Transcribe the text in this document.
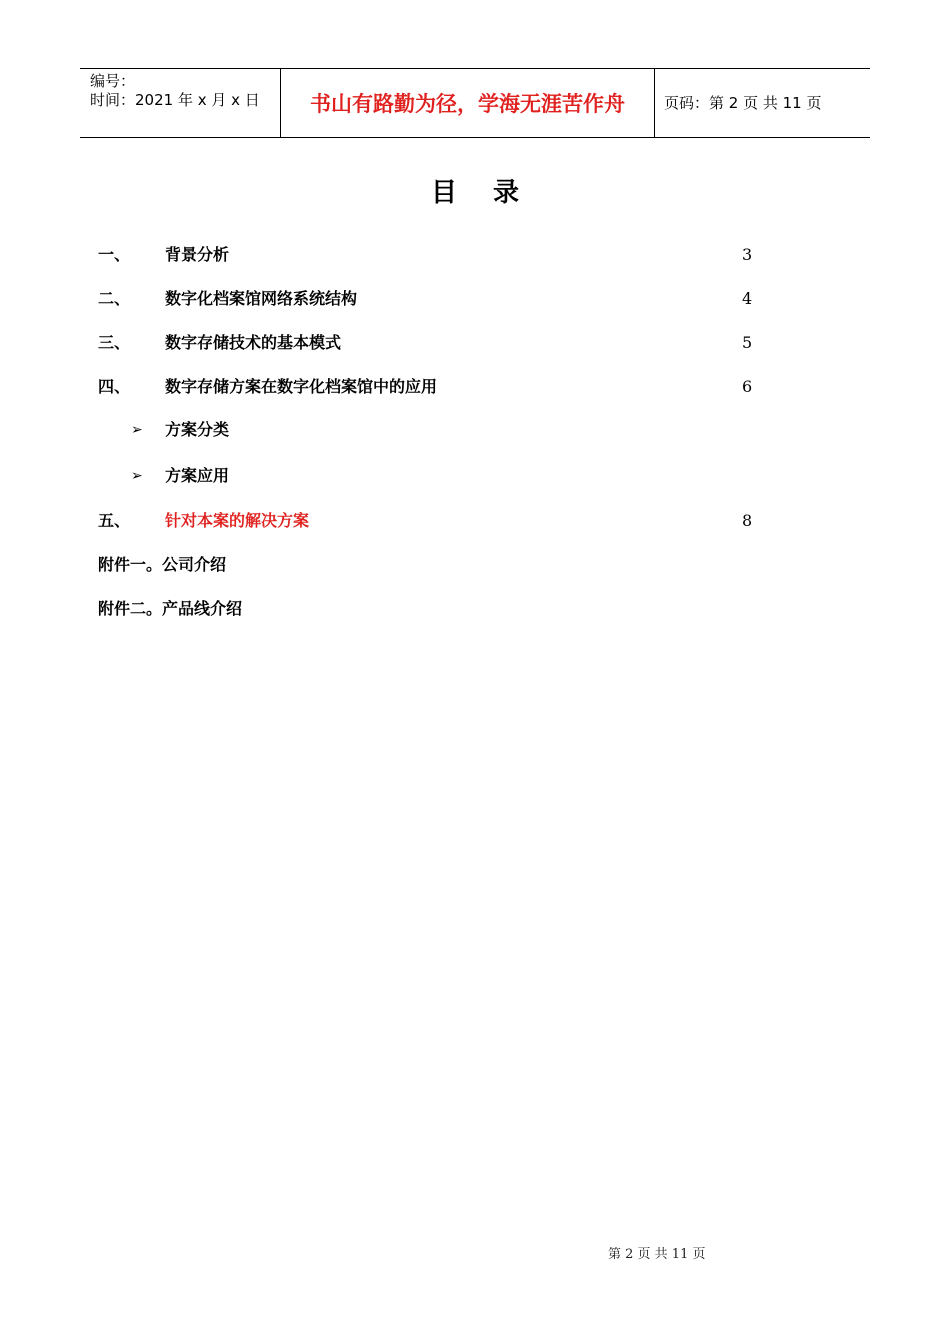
编号：
时间：2021 年 x 月 x 日	书山有路勤为径，学海无涯苦作舟	页码：第 2 页 共 11 页
目 录
一、 背景分析	3
二、 数字化档案馆网络系统结构	4
三、 数字存储技术的基本模式	5
四、 数字存储方案在数字化档案馆中的应用	6
➢ 方案分类
➢ 方案应用
五、 针对本案的解决方案	8
附件一。公司介绍
附件二。产品线介绍
第 2 页 共 11 页
